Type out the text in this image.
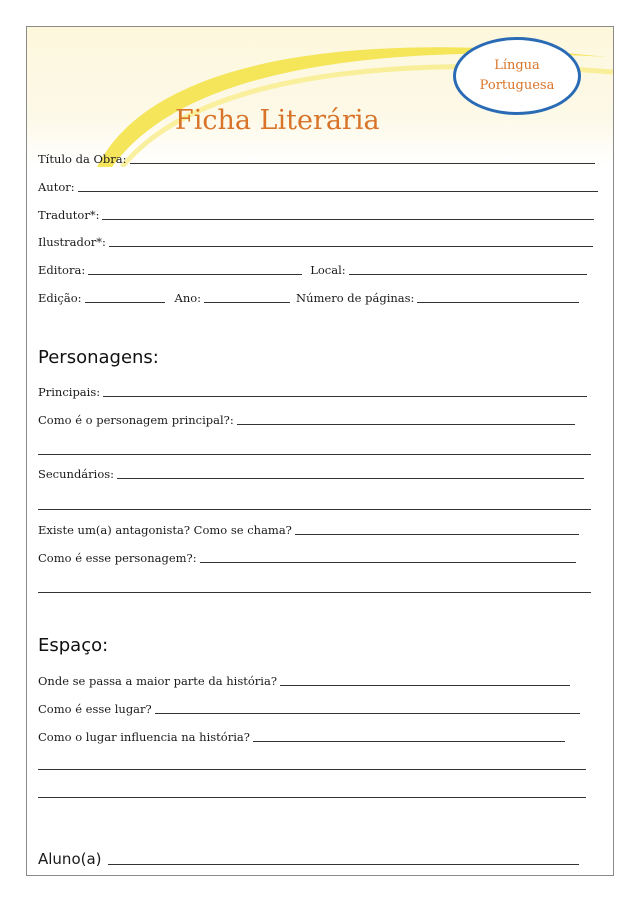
Ficha Literária
Língua
Portuguesa
Título da Obra:
Autor:
Tradutor*:
Ilustrador*:
Editora:	Local:
Edição:	Ano:	Número de páginas:
Personagens:
Principais:
Como é o personagem principal?:
Secundários:
Existe um(a) antagonista? Como se chama?
Como é esse personagem?:
Espaço:
Onde se passa a maior parte da história?
Como é esse lugar?
Como o lugar influencia na história?
Aluno(a)
